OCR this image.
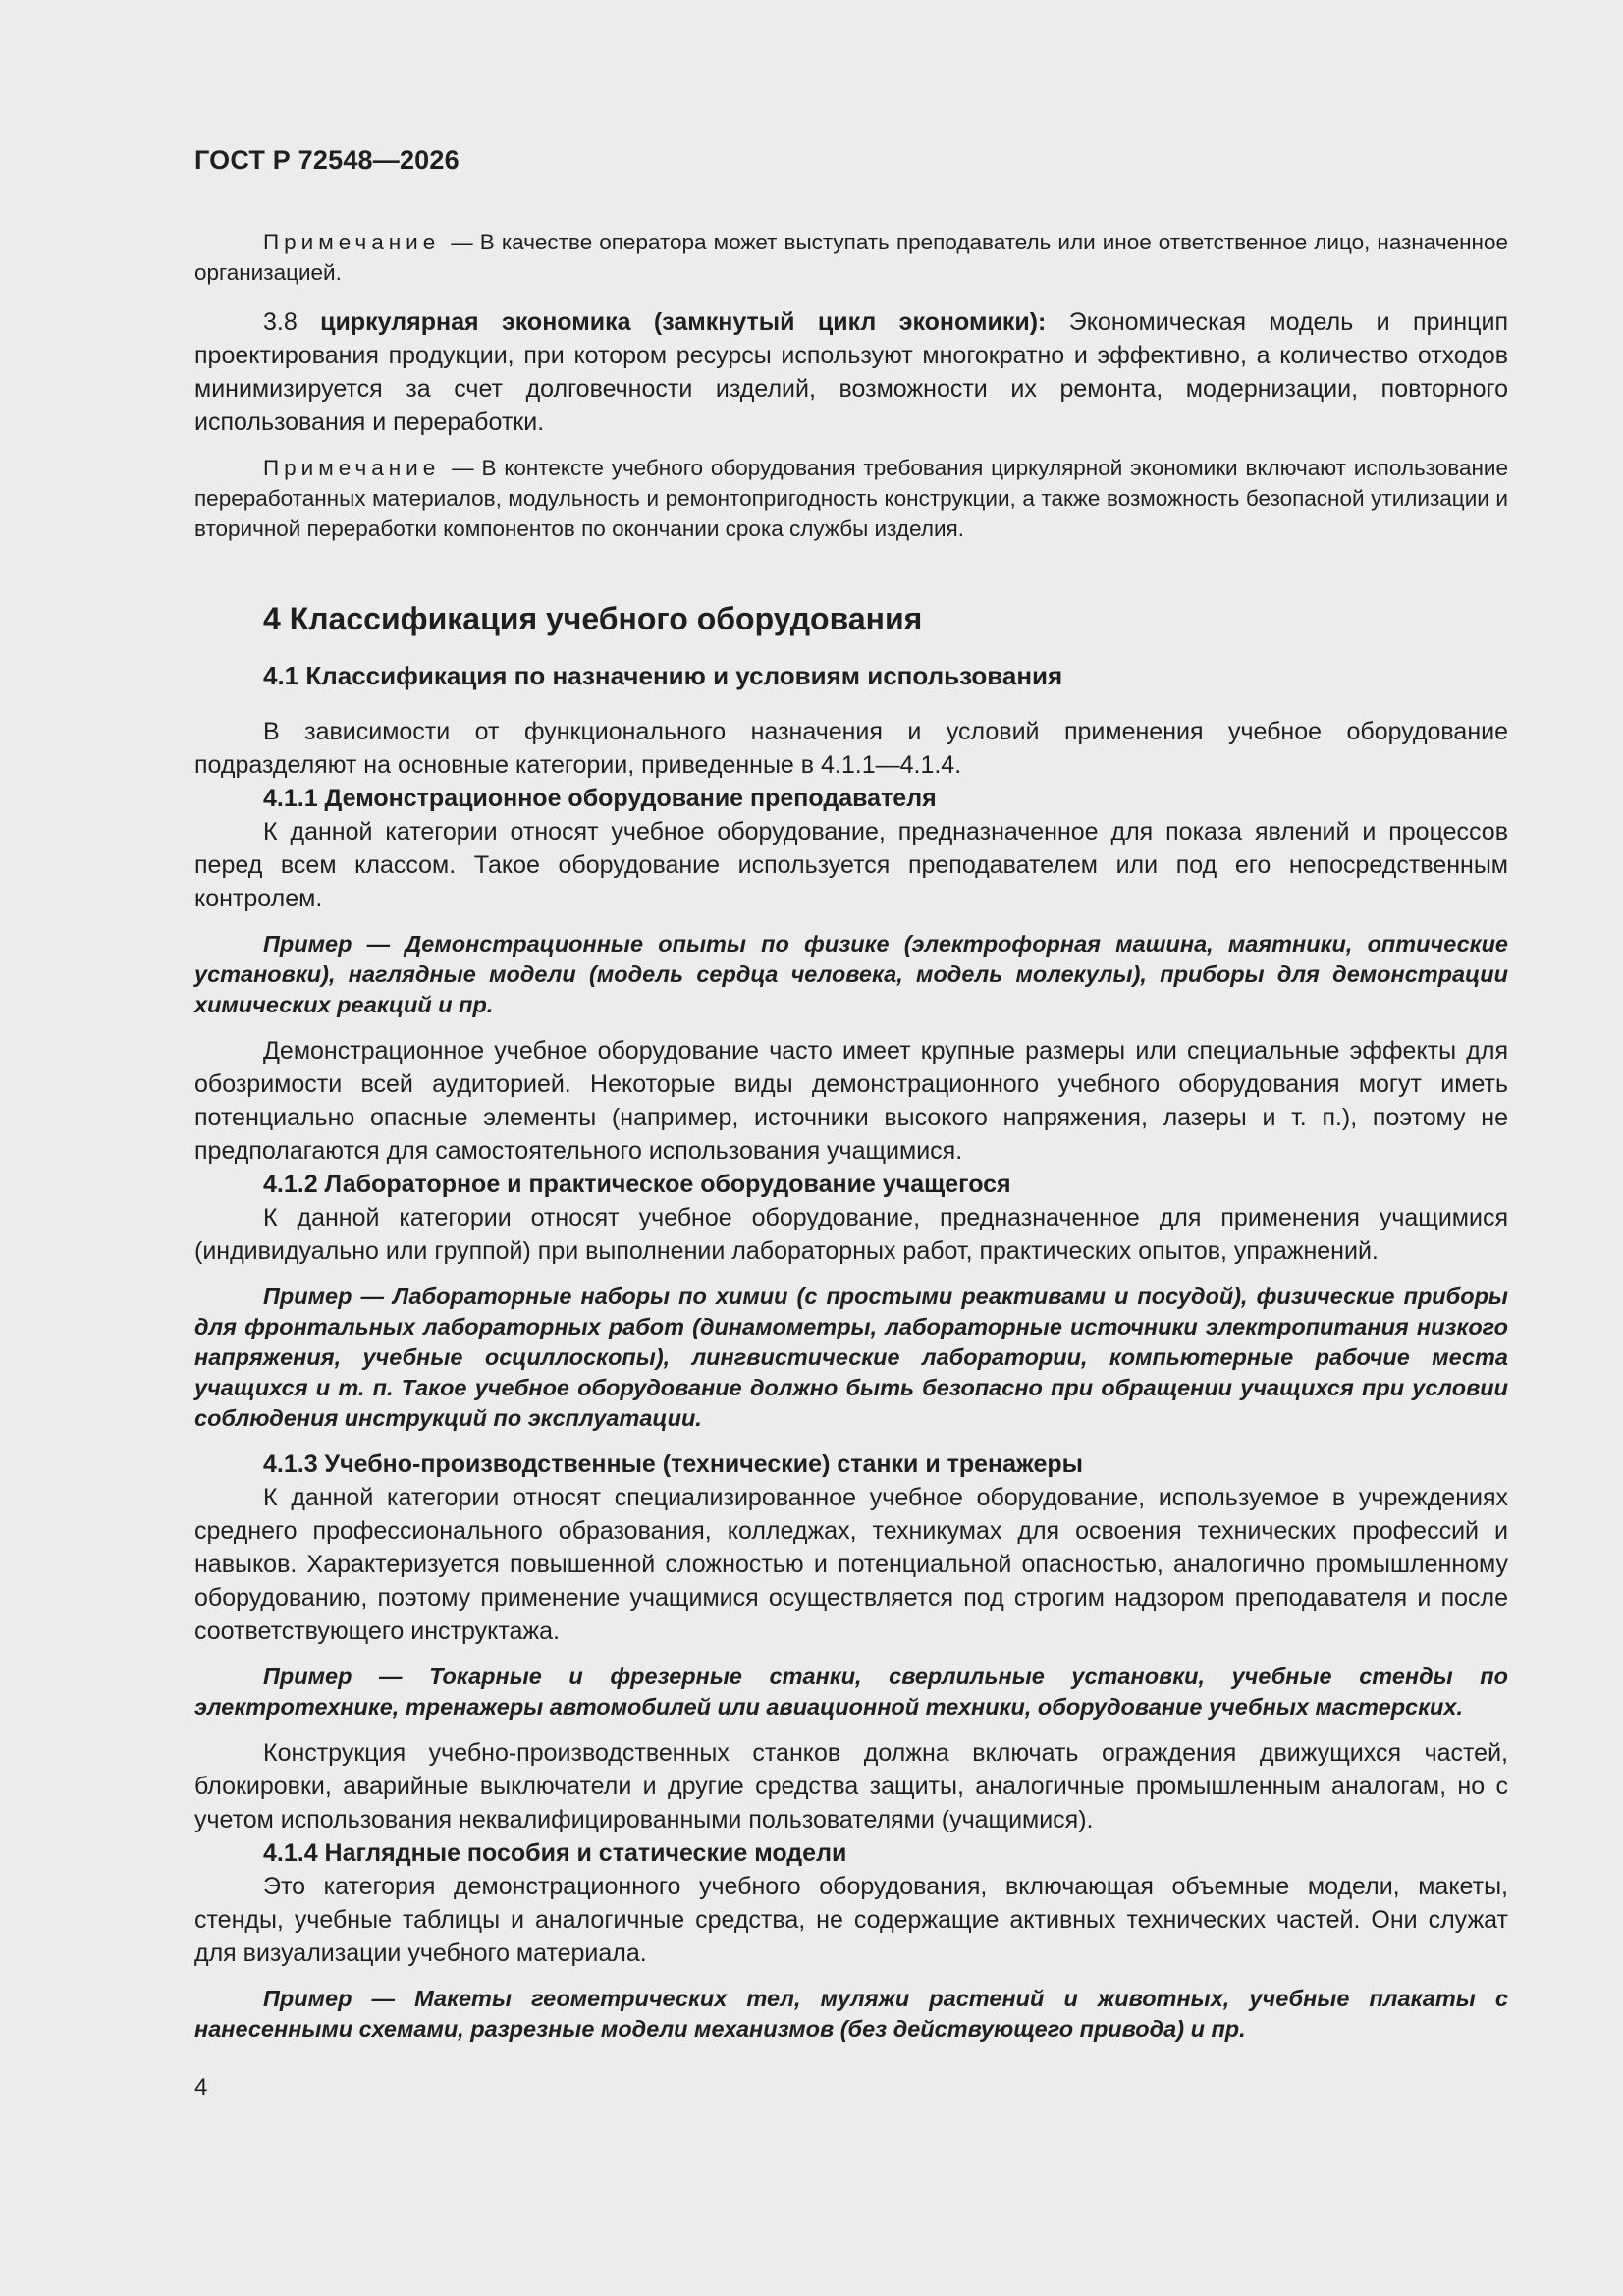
ГОСТ Р 72548—2026

Примечание — В качестве оператора может выступать преподаватель или иное ответственное лицо, назначенное организацией.

3.8 циркулярная экономика (замкнутый цикл экономики): Экономическая модель и принцип проектирования продукции, при котором ресурсы используют многократно и эффективно, а количество отходов минимизируется за счет долговечности изделий, возможности их ремонта, модернизации, повторного использования и переработки.

Примечание — В контексте учебного оборудования требования циркулярной экономики включают использование переработанных материалов, модульность и ремонтопригодность конструкции, а также возможность безопасной утилизации и вторичной переработки компонентов по окончании срока службы изделия.

4 Классификация учебного оборудования
4.1 Классификация по назначению и условиям использования

В зависимости от функционального назначения и условий применения учебное оборудование подразделяют на основные категории, приведенные в 4.1.1—4.1.4.

4.1.1 Демонстрационное оборудование преподавателя

К данной категории относят учебное оборудование, предназначенное для показа явлений и процессов перед всем классом. Такое оборудование используется преподавателем или под его непосредственным контролем.

Пример — Демонстрационные опыты по физике (электрофорная машина, маятники, оптические установки), наглядные модели (модель сердца человека, модель молекулы), приборы для демонстрации химических реакций и пр.

Демонстрационное учебное оборудование часто имеет крупные размеры или специальные эффекты для обозримости всей аудиторией. Некоторые виды демонстрационного учебного оборудования могут иметь потенциально опасные элементы (например, источники высокого напряжения, лазеры и т. п.), поэтому не предполагаются для самостоятельного использования учащимися.

4.1.2 Лабораторное и практическое оборудование учащегося

К данной категории относят учебное оборудование, предназначенное для применения учащимися (индивидуально или группой) при выполнении лабораторных работ, практических опытов, упражнений.

Пример — Лабораторные наборы по химии (с простыми реактивами и посудой), физические приборы для фронтальных лабораторных работ (динамометры, лабораторные источники электропитания низкого напряжения, учебные осциллоскопы), лингвистические лаборатории, компьютерные рабочие места учащихся и т. п. Такое учебное оборудование должно быть безопасно при обращении учащихся при условии соблюдения инструкций по эксплуатации.

4.1.3 Учебно-производственные (технические) станки и тренажеры

К данной категории относят специализированное учебное оборудование, используемое в учреждениях среднего профессионального образования, колледжах, техникумах для освоения технических профессий и навыков. Характеризуется повышенной сложностью и потенциальной опасностью, аналогично промышленному оборудованию, поэтому применение учащимися осуществляется под строгим надзором преподавателя и после соответствующего инструктажа.

Пример — Токарные и фрезерные станки, сверлильные установки, учебные стенды по электротехнике, тренажеры автомобилей или авиационной техники, оборудование учебных мастерских.

Конструкция учебно-производственных станков должна включать ограждения движущихся частей, блокировки, аварийные выключатели и другие средства защиты, аналогичные промышленным аналогам, но с учетом использования неквалифицированными пользователями (учащимися).

4.1.4 Наглядные пособия и статические модели

Это категория демонстрационного учебного оборудования, включающая объемные модели, макеты, стенды, учебные таблицы и аналогичные средства, не содержащие активных технических частей. Они служат для визуализации учебного материала.

Пример — Макеты геометрических тел, муляжи растений и животных, учебные плакаты с нанесенными схемами, разрезные модели механизмов (без действующего привода) и пр.

4
